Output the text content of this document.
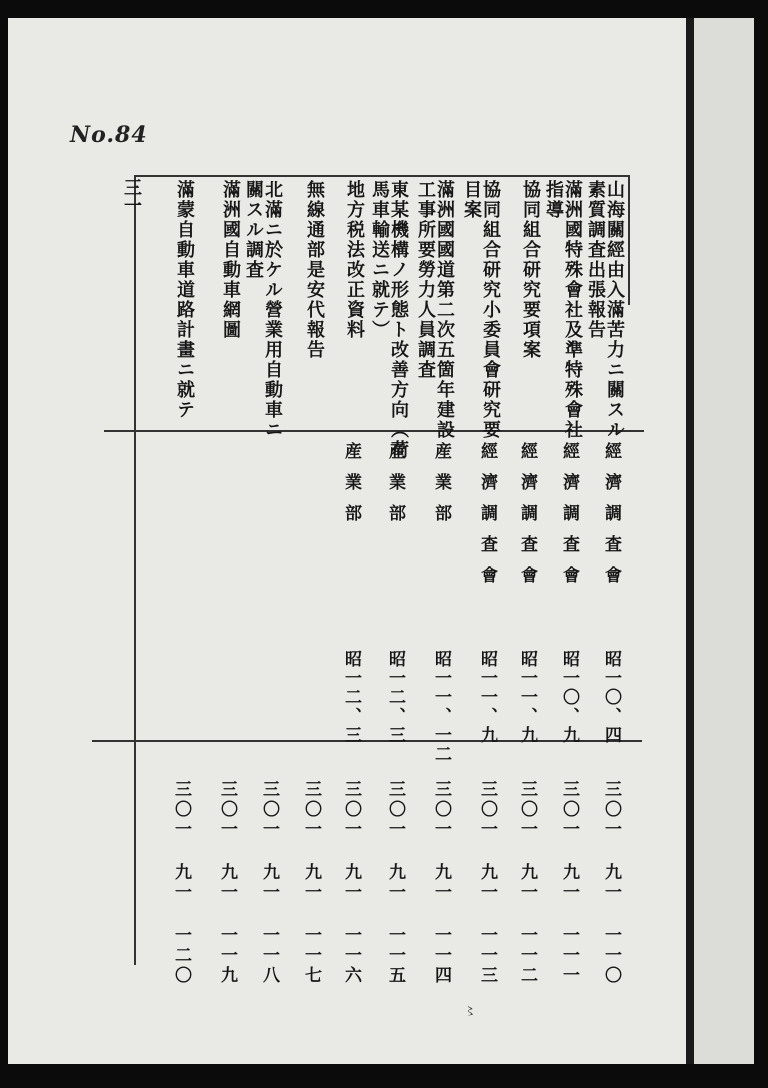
No.84
三一	山海關經由入滿苦力ニ關スル
素質調査出張報告
經濟調査會
昭一〇、四
三〇一 九一 一一〇
滿洲國特殊會社及準特殊會社
指導
經濟調査會
昭一〇、九
三〇一 九一 一一一
協同組合研究要項案
經濟調査會
昭一一、九
三〇一 九一 一一二
協同組合研究小委員會研究要
目案
經濟調査會
昭一一、九
三〇一 九一 一一三
滿洲國國道第二次五箇年建設
工事所要勞力人員調査
産業部
昭一一、一二
三〇一 九一 一一四
東某機構ノ形態ト改善方向（荷
馬車輸送ニ就テ）
産業部
昭一二、三
三〇一 九一 一一五
地方税法改正資料
産業部
昭一二、三
三〇一 九一 一一六
無線通部是安代報告
三〇一 九一 一一七
北滿ニ於ケル營業用自動車ニ
關スル調査
三〇一 九一 一一八
滿洲國自動車網圖
三〇一 九一 一一九
滿蒙自動車道路計畫ニ就テ
三〇一 九一 一二〇
〻
